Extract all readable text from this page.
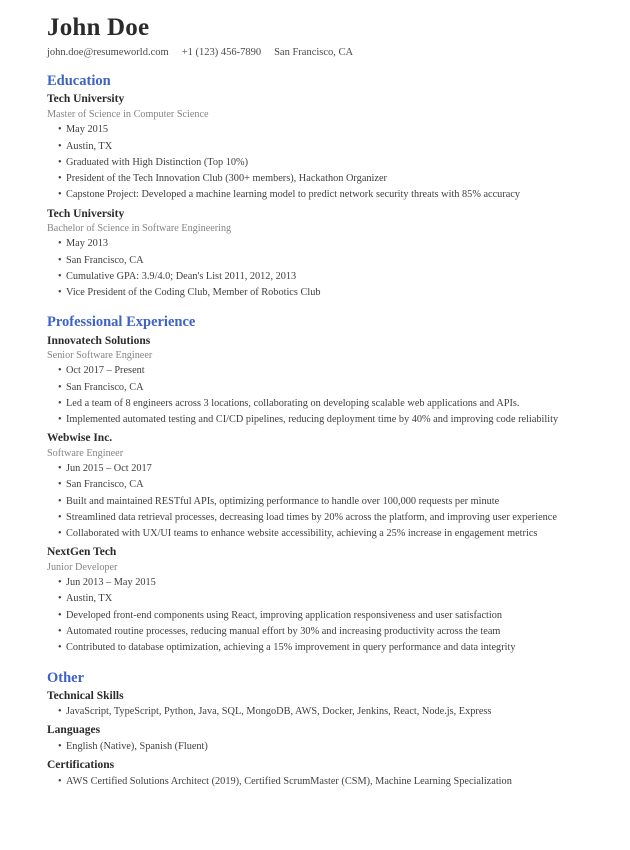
John Doe
john.doe@resumeworld.com +1 (123) 456-7890 San Francisco, CA
Education
Tech University
Master of Science in Computer Science
• May 2015
• Austin, TX
• Graduated with High Distinction (Top 10%)
• President of the Tech Innovation Club (300+ members), Hackathon Organizer
• Capstone Project: Developed a machine learning model to predict network security threats with 85% accuracy
Tech University
Bachelor of Science in Software Engineering
• May 2013
• San Francisco, CA
• Cumulative GPA: 3.9/4.0; Dean's List 2011, 2012, 2013
• Vice President of the Coding Club, Member of Robotics Club
Professional Experience
Innovatech Solutions
Senior Software Engineer
• Oct 2017 – Present
• San Francisco, CA
• Led a team of 8 engineers across 3 locations, collaborating on developing scalable web applications and APIs.
• Implemented automated testing and CI/CD pipelines, reducing deployment time by 40% and improving code reliability
Webwise Inc.
Software Engineer
• Jun 2015 – Oct 2017
• San Francisco, CA
• Built and maintained RESTful APIs, optimizing performance to handle over 100,000 requests per minute
• Streamlined data retrieval processes, decreasing load times by 20% across the platform, and improving user experience
• Collaborated with UX/UI teams to enhance website accessibility, achieving a 25% increase in engagement metrics
NextGen Tech
Junior Developer
• Jun 2013 – May 2015
• Austin, TX
• Developed front-end components using React, improving application responsiveness and user satisfaction
• Automated routine processes, reducing manual effort by 30% and increasing productivity across the team
• Contributed to database optimization, achieving a 15% improvement in query performance and data integrity
Other
Technical Skills
• JavaScript, TypeScript, Python, Java, SQL, MongoDB, AWS, Docker, Jenkins, React, Node.js, Express
Languages
• English (Native), Spanish (Fluent)
Certifications
• AWS Certified Solutions Architect (2019), Certified ScrumMaster (CSM), Machine Learning Specialization
